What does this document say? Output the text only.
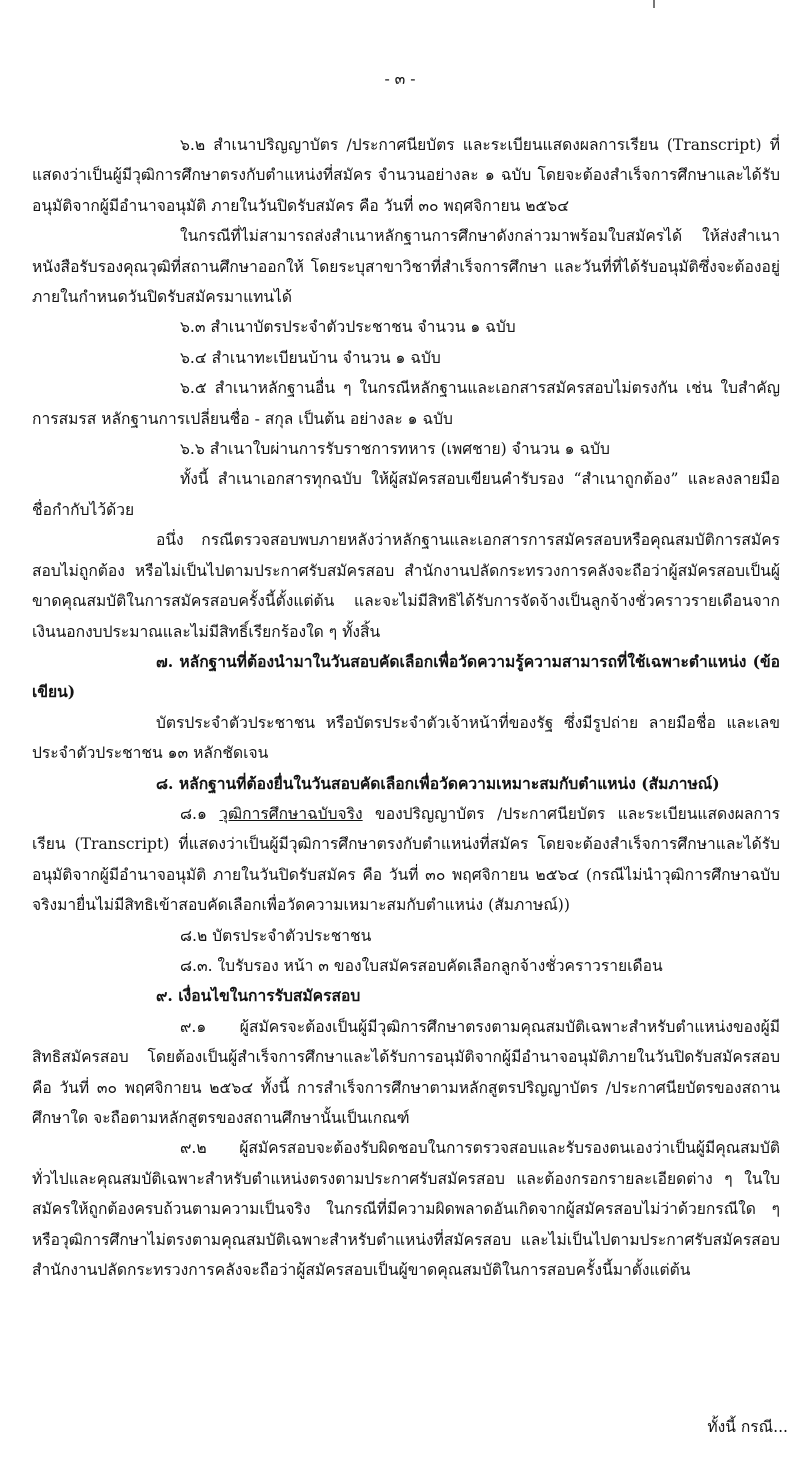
- ๓ -

๖.๒ สำเนาปริญญาบัตร /ประกาศนียบัตร และระเบียนแสดงผลการเรียน (Transcript) ที่แสดงว่าเป็นผู้มีวุฒิการศึกษาตรงกับตำแหน่งที่สมัคร จำนวนอย่างละ ๑ ฉบับ โดยจะต้องสำเร็จการศึกษาและได้รับอนุมัติจากผู้มีอำนาจอนุมัติ ภายในวันปิดรับสมัคร คือ วันที่ ๓๐ พฤศจิกายน ๒๕๖๔

ในกรณีที่ไม่สามารถส่งสำเนาหลักฐานการศึกษาดังกล่าวมาพร้อมใบสมัครได้ ให้ส่งสำเนาหนังสือรับรองคุณวุฒิที่สถานศึกษาออกให้ โดยระบุสาขาวิชาที่สำเร็จการศึกษา และวันที่ที่ได้รับอนุมัติซึ่งจะต้องอยู่ภายในกำหนดวันปิดรับสมัครมาแทนได้

๖.๓ สำเนาบัตรประจำตัวประชาชน จำนวน ๑ ฉบับ

๖.๔ สำเนาทะเบียนบ้าน จำนวน ๑ ฉบับ

๖.๕ สำเนาหลักฐานอื่น ๆ ในกรณีหลักฐานและเอกสารสมัครสอบไม่ตรงกัน เช่น ใบสำคัญการสมรส หลักฐานการเปลี่ยนชื่อ - สกุล เป็นต้น อย่างละ ๑ ฉบับ

๖.๖ สำเนาใบผ่านการรับราชการทหาร (เพศชาย) จำนวน ๑ ฉบับ

ทั้งนี้ สำเนาเอกสารทุกฉบับ ให้ผู้สมัครสอบเขียนคำรับรอง “สำเนาถูกต้อง” และลงลายมือชื่อกำกับไว้ด้วย

อนึ่ง กรณีตรวจสอบพบภายหลังว่าหลักฐานและเอกสารการสมัครสอบหรือคุณสมบัติการสมัครสอบไม่ถูกต้อง หรือไม่เป็นไปตามประกาศรับสมัครสอบ สำนักงานปลัดกระทรวงการคลังจะถือว่าผู้สมัครสอบเป็นผู้ขาดคุณสมบัติในการสมัครสอบครั้งนี้ตั้งแต่ต้น และจะไม่มีสิทธิได้รับการจัดจ้างเป็นลูกจ้างชั่วคราวรายเดือนจากเงินนอกงบประมาณและไม่มีสิทธิ์เรียกร้องใด ๆ ทั้งสิ้น

๗. หลักฐานที่ต้องนำมาในวันสอบคัดเลือกเพื่อวัดความรู้ความสามารถที่ใช้เฉพาะตำแหน่ง (ข้อเขียน)

บัตรประจำตัวประชาชน หรือบัตรประจำตัวเจ้าหน้าที่ของรัฐ ซึ่งมีรูปถ่าย ลายมือชื่อ และเลขประจำตัวประชาชน ๑๓ หลักชัดเจน

๘. หลักฐานที่ต้องยื่นในวันสอบคัดเลือกเพื่อวัดความเหมาะสมกับตำแหน่ง (สัมภาษณ์)

๘.๑ วุฒิการศึกษาฉบับจริง ของปริญญาบัตร /ประกาศนียบัตร และระเบียนแสดงผลการเรียน (Transcript) ที่แสดงว่าเป็นผู้มีวุฒิการศึกษาตรงกับตำแหน่งที่สมัคร โดยจะต้องสำเร็จการศึกษาและได้รับอนุมัติจากผู้มีอำนาจอนุมัติ ภายในวันปิดรับสมัคร คือ วันที่ ๓๐ พฤศจิกายน ๒๕๖๔ (กรณีไม่นำวุฒิการศึกษาฉบับจริงมายื่นไม่มีสิทธิเข้าสอบคัดเลือกเพื่อวัดความเหมาะสมกับตำแหน่ง (สัมภาษณ์))

๘.๒ บัตรประจำตัวประชาชน

๘.๓. ใบรับรอง หน้า ๓ ของใบสมัครสอบคัดเลือกลูกจ้างชั่วคราวรายเดือน

๙. เงื่อนไขในการรับสมัครสอบ

๙.๑ ผู้สมัครจะต้องเป็นผู้มีวุฒิการศึกษาตรงตามคุณสมบัติเฉพาะสำหรับตำแหน่งของผู้มีสิทธิสมัครสอบ โดยต้องเป็นผู้สำเร็จการศึกษาและได้รับการอนุมัติจากผู้มีอำนาจอนุมัติภายในวันปิดรับสมัครสอบ คือ วันที่ ๓๐ พฤศจิกายน ๒๕๖๔ ทั้งนี้ การสำเร็จการศึกษาตามหลักสูตรปริญญาบัตร /ประกาศนียบัตรของสถานศึกษาใด จะถือตามหลักสูตรของสถานศึกษานั้นเป็นเกณฑ์

๙.๒ ผู้สมัครสอบจะต้องรับผิดชอบในการตรวจสอบและรับรองตนเองว่าเป็นผู้มีคุณสมบัติทั่วไปและคุณสมบัติเฉพาะสำหรับตำแหน่งตรงตามประกาศรับสมัครสอบ และต้องกรอกรายละเอียดต่าง ๆ ในใบสมัครให้ถูกต้องครบถ้วนตามความเป็นจริง ในกรณีที่มีความผิดพลาดอันเกิดจากผู้สมัครสอบไม่ว่าด้วยกรณีใด ๆ หรือวุฒิการศึกษาไม่ตรงตามคุณสมบัติเฉพาะสำหรับตำแหน่งที่สมัครสอบ และไม่เป็นไปตามประกาศรับสมัครสอบ สำนักงานปลัดกระทรวงการคลังจะถือว่าผู้สมัครสอบเป็นผู้ขาดคุณสมบัติในการสอบครั้งนี้มาตั้งแต่ต้น

ทั้งนี้ กรณี...
